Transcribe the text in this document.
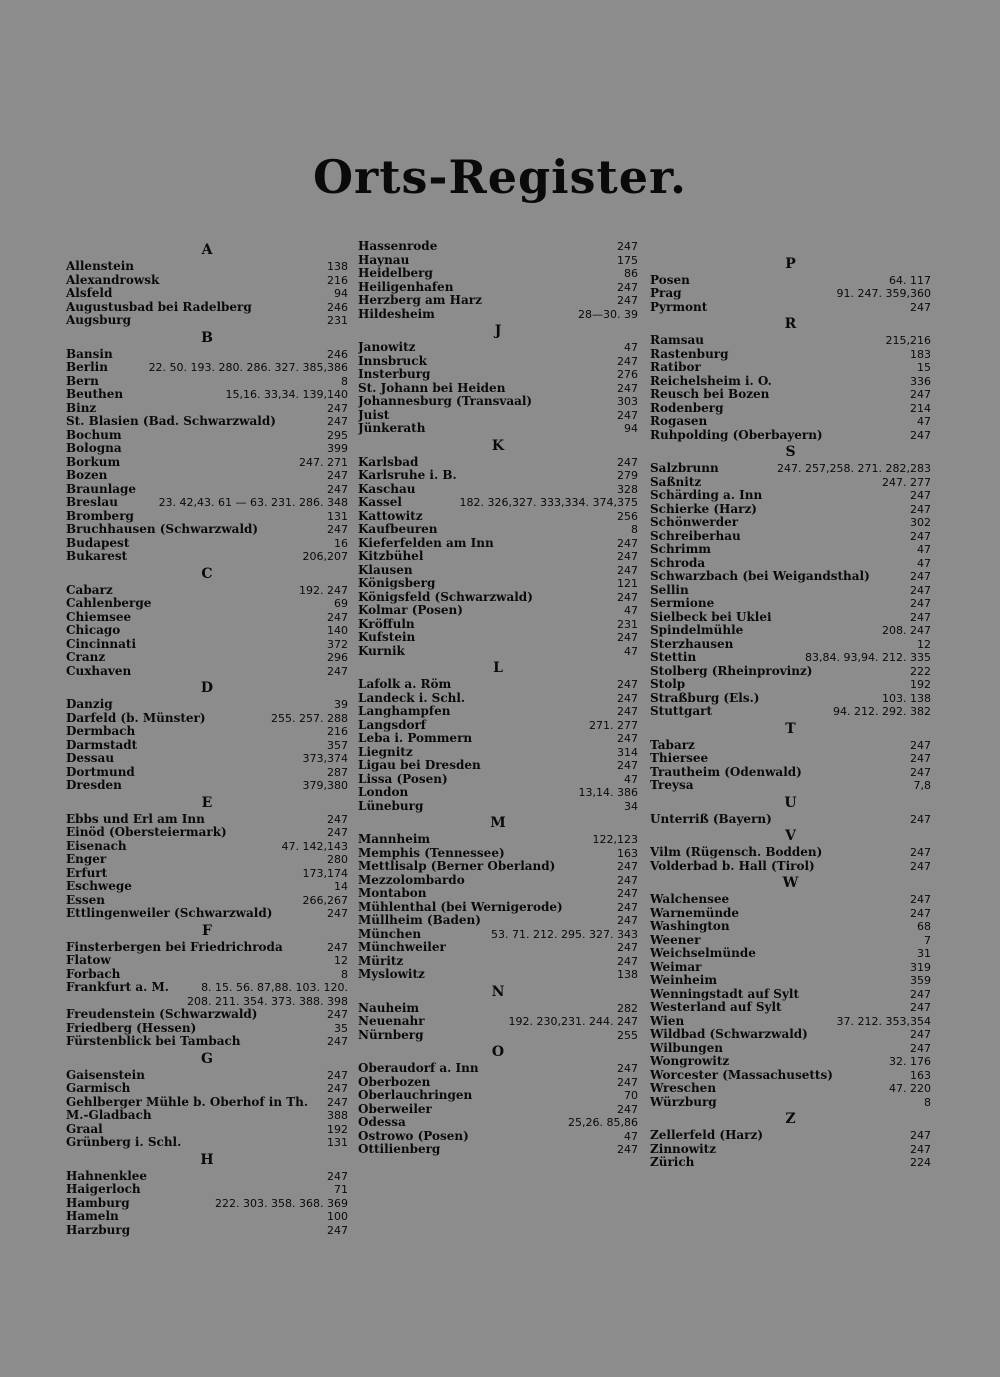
Orts-Register.
A
Allenstein	138
Alexandrowsk	216
Alsfeld	94
Augustusbad bei Radelberg	246
Augsburg	231
B
Bansin	246
Berlin	22. 50. 193. 280. 286. 327. 385,386
Bern	8
Beuthen	15,16. 33,34. 139,140
Binz	247
St. Blasien (Bad. Schwarzwald)	247
Bochum	295
Bologna	399
Borkum	247. 271
Bozen	247
Braunlage	247
Breslau	23. 42,43. 61 — 63. 231. 286. 348
Bromberg	131
Bruchhausen (Schwarzwald)	247
Budapest	16
Bukarest	206,207
C
Cabarz	192. 247
Cahlenberge	69
Chiemsee	247
Chicago	140
Cincinnati	372
Cranz	296
Cuxhaven	247
D
Danzig	39
Darfeld (b. Münster)	255. 257. 288
Dermbach	216
Darmstadt	357
Dessau	373,374
Dortmund	287
Dresden	379,380
E
Ebbs und Erl am Inn	247
Einöd (Obersteiermark)	247
Eisenach	47. 142,143
Enger	280
Erfurt	173,174
Eschwege	14
Essen	266,267
Ettlingenweiler (Schwarzwald)	247
F
Finsterbergen bei Friedrichroda	247
Flatow	12
Forbach	8
Frankfurt a. M.	8. 15. 56. 87,88. 103. 120.
208. 211. 354. 373. 388. 398
Freudenstein (Schwarzwald)	247
Friedberg (Hessen)	35
Fürstenblick bei Tambach	247
G
Gaisenstein	247
Garmisch	247
Gehlberger Mühle b. Oberhof in Th. 247
M.-Gladbach	388
Graal	192
Grünberg i. Schl.	131
H
Hahnenklee	247
Haigerloch	71
Hamburg	222. 303. 358. 368. 369
Hameln	100
Harzburg	247
Hassenrode	247
Haynau	175
Heidelberg	86
Heiligenhafen	247
Herzberg am Harz	247
Hildesheim	28—30. 39
J
Janowitz	47
Innsbruck	247
Insterburg	276
St. Johann bei Heiden	247
Johannesburg (Transvaal)	303
Juist	247
Jünkerath	94
K
Karlsbad	247
Karlsruhe i. B.	279
Kaschau	328
Kassel	182. 326,327. 333,334. 374,375
Kattowitz	256
Kaufbeuren	8
Kieferfelden am Inn	247
Kitzbühel	247
Klausen	247
Königsberg	121
Königsfeld (Schwarzwald)	247
Kolmar (Posen)	47
Kröffuln	231
Kufstein	247
Kurnik	47
L
Lafolk a. Röm	247
Landeck i. Schl.	247
Langhampfen	247
Langsdorf	271. 277
Leba i. Pommern	247
Liegnitz	314
Ligau bei Dresden	247
Lissa (Posen)	47
London	13,14. 386
Lüneburg	34
M
Mannheim	122,123
Memphis (Tennessee)	163
Mettlisalp (Berner Oberland)	247
Mezzolombardo	247
Montabon	247
Mühlenthal (bei Wernigerode)	247
Müllheim (Baden)	247
München	53. 71. 212. 295. 327. 343
Münchweiler	247
Müritz	247
Myslowitz	138
N
Nauheim	282
Neuenahr	192. 230,231. 244. 247
Nürnberg	255
O
Oberaudorf a. Inn	247
Oberbozen	247
Oberlauchringen	70
Oberweiler	247
Odessa	25,26. 85,86
Ostrowo (Posen)	47
Ottilienberg	247
P
Posen	64. 117
Prag	91. 247. 359,360
Pyrmont	247
R
Ramsau	215,216
Rastenburg	183
Ratibor	15
Reichelsheim i. O.	336
Reusch bei Bozen	247
Rodenberg	214
Rogasen	47
Ruhpolding (Oberbayern)	247
S
Salzbrunn	247. 257,258. 271. 282,283
Saßnitz	247. 277
Schärding a. Inn	247
Schierke (Harz)	247
Schönwerder	302
Schreiberhau	247
Schrimm	47
Schroda	47
Schwarzbach (bei Weigandsthal)	247
Sellin	247
Sermione	247
Sielbeck bei Ukleі	247
Spindelmühle	208. 247
Sterzhausen	12
Stettin	83,84. 93,94. 212. 335
Stolberg (Rheinprovinz)	222
Stolp	192
Straßburg (Els.)	103. 138
Stuttgart	94. 212. 292. 382
T
Tabarz	247
Thiersee	247
Trautheim (Odenwald)	247
Treysa	7,8
U
Unterriß (Bayern)	247
V
Vilm (Rügensch. Bodden)	247
Volderbad b. Hall (Tirol)	247
W
Walchensee	247
Warnemünde	247
Washington	68
Weener	7
Weichselmünde	31
Weimar	319
Weinheim	359
Wenningstadt auf Sylt	247
Westerland auf Sylt	247
Wien	37. 212. 353,354
Wildbad (Schwarzwald)	247
Wilbungen	247
Wongrowitz	32. 176
Worcester (Massachusetts)	163
Wreschen	47. 220
Würzburg	8
Z
Zellerfeld (Harz)	247
Zinnowitz	247
Zürich	224
